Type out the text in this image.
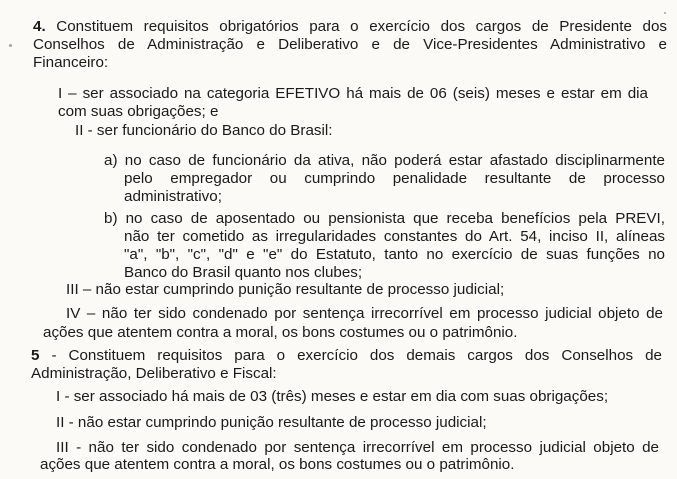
4. Constituem requisitos obrigatórios para o exercício dos cargos de Presidente dos
Conselhos de Administração e Deliberativo e de Vice-Presidentes Administrativo e
Financeiro:
I – ser associado na categoria EFETIVO há mais de 06 (seis) meses e estar em dia
com suas obrigações; e
II - ser funcionário do Banco do Brasil:
a) no caso de funcionário da ativa, não poderá estar afastado disciplinarmente
pelo empregador ou cumprindo penalidade resultante de processo
administrativo;
b) no caso de aposentado ou pensionista que receba benefícios pela PREVI,
não ter cometido as irregularidades constantes do Art. 54, inciso II, alíneas
"a", "b", "c", "d" e "e" do Estatuto, tanto no exercício de suas funções no
Banco do Brasil quanto nos clubes;
III – não estar cumprindo punição resultante de processo judicial;
IV – não ter sido condenado por sentença irrecorrível em processo judicial objeto de
ações que atentem contra a moral, os bons costumes ou o patrimônio.
5 - Constituem requisitos para o exercício dos demais cargos dos Conselhos de
Administração, Deliberativo e Fiscal:
I - ser associado há mais de 03 (três) meses e estar em dia com suas obrigações;
II - não estar cumprindo punição resultante de processo judicial;
III - não ter sido condenado por sentença irrecorrível em processo judicial objeto de
ações que atentem contra a moral, os bons costumes ou o patrimônio.
